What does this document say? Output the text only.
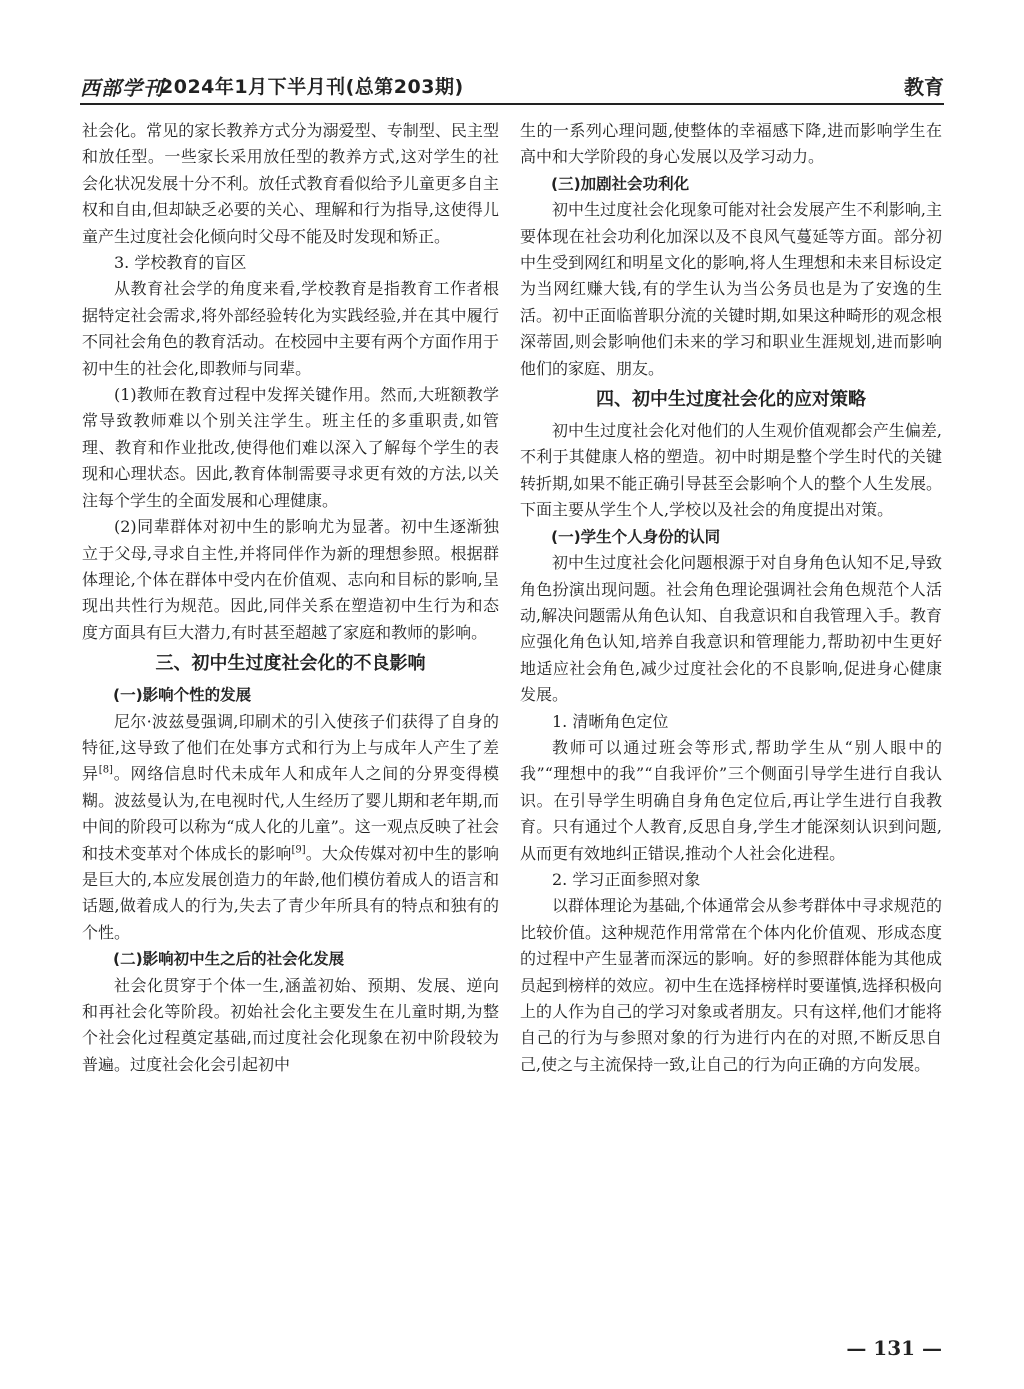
西部学刊
2024年1月下半月刊(总第203期)	教育

社会化。常见的家长教养方式分为溺爱型、专制型、民主型和放任型。一些家长采用放任型的教养方式,这对学生的社会化状况发展十分不利。放任式教育看似给予儿童更多自主权和自由,但却缺乏必要的关心、理解和行为指导,这使得儿童产生过度社会化倾向时父母不能及时发现和矫正。

3. 学校教育的盲区

从教育社会学的角度来看,学校教育是指教育工作者根据特定社会需求,将外部经验转化为实践经验,并在其中履行不同社会角色的教育活动。在校园中主要有两个方面作用于初中生的社会化,即教师与同辈。

(1)教师在教育过程中发挥关键作用。然而,大班额教学常导致教师难以个别关注学生。班主任的多重职责,如管理、教育和作业批改,使得他们难以深入了解每个学生的表现和心理状态。因此,教育体制需要寻求更有效的方法,以关注每个学生的全面发展和心理健康。

(2)同辈群体对初中生的影响尤为显著。初中生逐渐独立于父母,寻求自主性,并将同伴作为新的理想参照。根据群体理论,个体在群体中受内在价值观、志向和目标的影响,呈现出共性行为规范。因此,同伴关系在塑造初中生行为和态度方面具有巨大潜力,有时甚至超越了家庭和教师的影响。

三、初中生过度社会化的不良影响

(一)影响个性的发展

尼尔·波兹曼强调,印刷术的引入使孩子们获得了自身的特征,这导致了他们在处事方式和行为上与成年人产生了差异[8]。网络信息时代未成年人和成年人之间的分界变得模糊。波兹曼认为,在电视时代,人生经历了婴儿期和老年期,而中间的阶段可以称为“成人化的儿童”。这一观点反映了社会和技术变革对个体成长的影响[9]。大众传媒对初中生的影响是巨大的,本应发展创造力的年龄,他们模仿着成人的语言和话题,做着成人的行为,失去了青少年所具有的特点和独有的个性。

(二)影响初中生之后的社会化发展

社会化贯穿于个体一生,涵盖初始、预期、发展、逆向和再社会化等阶段。初始社会化主要发生在儿童时期,为整个社会化过程奠定基础,而过度社会化现象在初中阶段较为普遍。过度社会化会引起初中

生的一系列心理问题,使整体的幸福感下降,进而影响学生在高中和大学阶段的身心发展以及学习动力。

(三)加剧社会功利化

初中生过度社会化现象可能对社会发展产生不利影响,主要体现在社会功利化加深以及不良风气蔓延等方面。部分初中生受到网红和明星文化的影响,将人生理想和未来目标设定为当网红赚大钱,有的学生认为当公务员也是为了安逸的生活。初中正面临普职分流的关键时期,如果这种畸形的观念根深蒂固,则会影响他们未来的学习和职业生涯规划,进而影响他们的家庭、朋友。

四、初中生过度社会化的应对策略

初中生过度社会化对他们的人生观价值观都会产生偏差,不利于其健康人格的塑造。初中时期是整个学生时代的关键转折期,如果不能正确引导甚至会影响个人的整个人生发展。下面主要从学生个人,学校以及社会的角度提出对策。

(一)学生个人身份的认同

初中生过度社会化问题根源于对自身角色认知不足,导致角色扮演出现问题。社会角色理论强调社会角色规范个人活动,解决问题需从角色认知、自我意识和自我管理入手。教育应强化角色认知,培养自我意识和管理能力,帮助初中生更好地适应社会角色,减少过度社会化的不良影响,促进身心健康发展。

1. 清晰角色定位

教师可以通过班会等形式,帮助学生从“别人眼中的我”“理想中的我”“自我评价”三个侧面引导学生进行自我认识。在引导学生明确自身角色定位后,再让学生进行自我教育。只有通过个人教育,反思自身,学生才能深刻认识到问题,从而更有效地纠正错误,推动个人社会化进程。

2. 学习正面参照对象

以群体理论为基础,个体通常会从参考群体中寻求规范的比较价值。这种规范作用常常在个体内化价值观、形成态度的过程中产生显著而深远的影响。好的参照群体能为其他成员起到榜样的效应。初中生在选择榜样时要谨慎,选择积极向上的人作为自己的学习对象或者朋友。只有这样,他们才能将自己的行为与参照对象的行为进行内在的对照,不断反思自己,使之与主流保持一致,让自己的行为向正确的方向发展。

— 131 —
